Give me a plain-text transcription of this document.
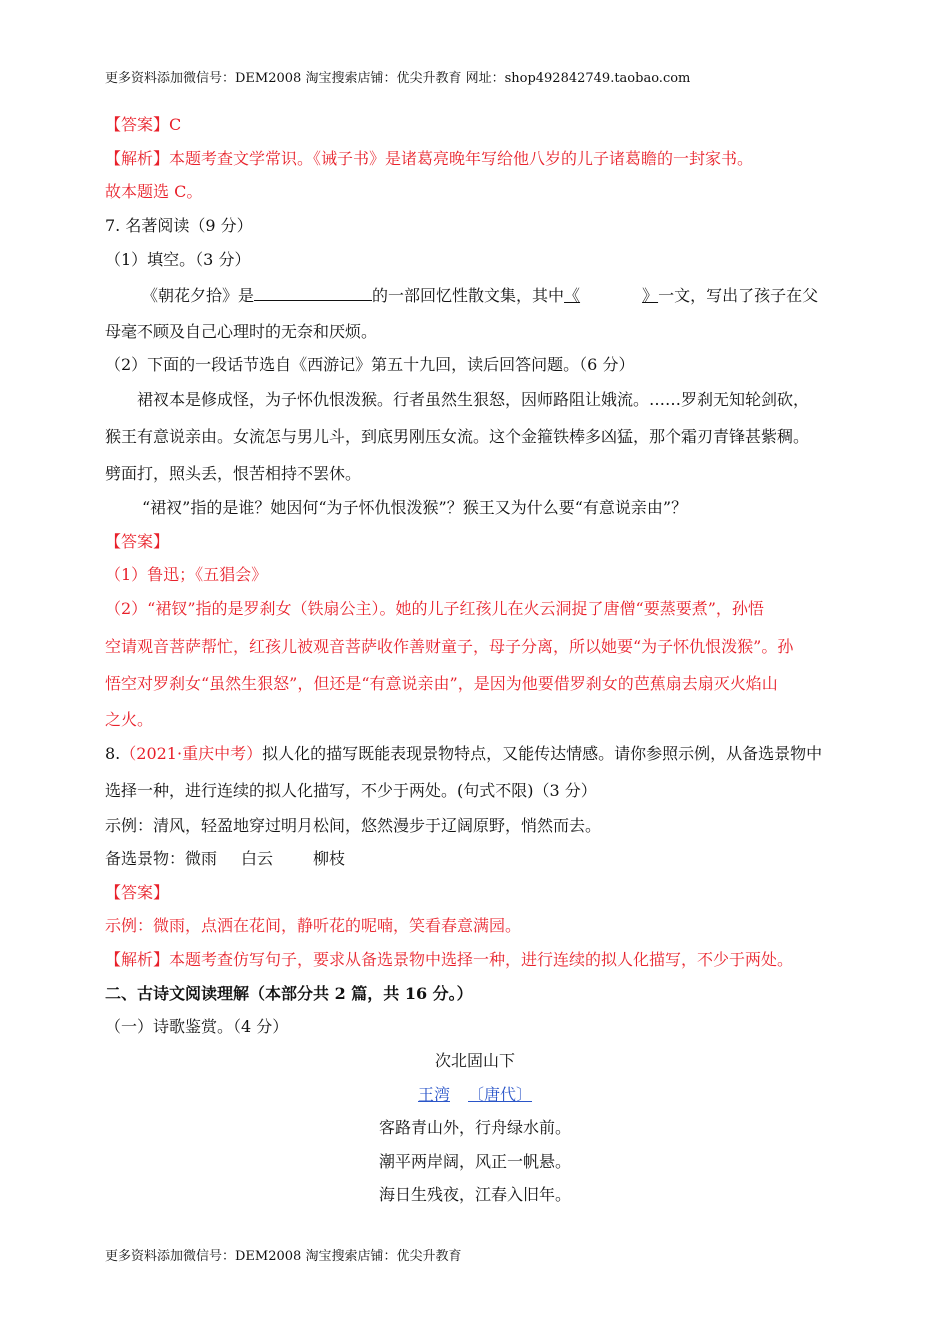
更多资料添加微信号：DEM2008 淘宝搜索店铺：优尖升教育 网址：shop492842749.taobao.com
【答案】C
【解析】本题考查文学常识。《诫子书》是诸葛亮晚年写给他八岁的儿子诸葛瞻的一封家书。
故本题选 C。
7. 名著阅读（9 分）
（1）填空。（3 分）
《朝花夕拾》是	的一部回忆性散文集，其中《	》一文，写出了孩子在父
母毫不顾及自己心理时的无奈和厌烦。
（2）下面的一段话节选自《西游记》第五十九回，读后回答问题。（6 分）
裙衩本是修成怪，为子怀仇恨泼猴。行者虽然生狠怒，因师路阻让娥流。……罗刹无知轮剑砍，
猴王有意说亲由。女流怎与男儿斗，到底男刚压女流。这个金箍铁棒多凶猛，那个霜刃青锋甚紫稠。
劈面打，照头丢，恨苦相持不罢休。
“裙衩”指的是谁？她因何“为子怀仇恨泼猴”？猴王又为什么要“有意说亲由”？
【答案】
（1）鲁迅；《五猖会》
（2）“裙钗”指的是罗刹女（铁扇公主）。她的儿子红孩儿在火云洞捉了唐僧“要蒸要煮”，孙悟
空请观音菩萨帮忙，红孩儿被观音菩萨收作善财童子，母子分离，所以她要“为子怀仇恨泼猴”。孙
悟空对罗刹女“虽然生狠怒”，但还是“有意说亲由”，是因为他要借罗刹女的芭蕉扇去扇灭火焰山
之火。
8.（2021·重庆中考）拟人化的描写既能表现景物特点，又能传达情感。请你参照示例，从备选景物中
选择一种，进行连续的拟人化描写，不少于两处。(句式不限)（3 分）
示例：清风，轻盈地穿过明月松间，悠然漫步于辽阔原野，悄然而去。
备选景物：微雨 白云	柳枝
【答案】
示例：微雨，点洒在花间，静听花的呢喃，笑看春意满园。
【解析】本题考查仿写句子，要求从备选景物中选择一种，进行连续的拟人化描写，不少于两处。
二、古诗文阅读理解（本部分共 2 篇，共 16 分。）
（一）诗歌鉴赏。（4 分）
次北固山下
王湾 〔唐代〕
客路青山外，行舟绿水前。
潮平两岸阔，风正一帆悬。
海日生残夜，江春入旧年。
更多资料添加微信号：DEM2008 淘宝搜索店铺：优尖升教育
